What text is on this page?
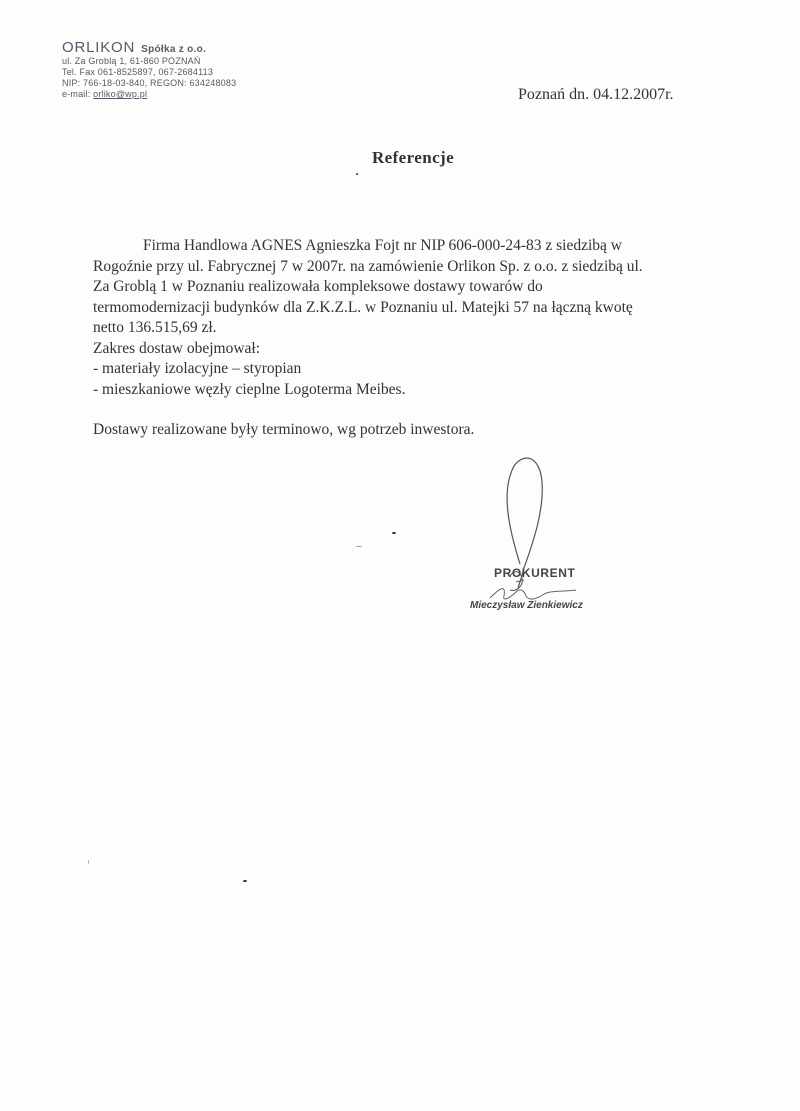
ORLIKON Spółka z o.o.
ul. Za Groblą 1, 61-860 POZNAŃ
Tel. Fax 061-8525897, 067-2684113
NIP: 766-18-03-840, REGON: 634248083
e-mail: orliko@wp.pl	Poznań dn. 04.12.2007r.
Referencje

Firma Handlowa AGNES Agnieszka Fojt nr NIP 606-000-24-83 z siedzibą w Rogoźnie przy ul. Fabrycznej 7 w 2007r. na zamówienie Orlikon Sp. z o.o. z siedzibą ul. Za Groblą 1 w Poznaniu realizowała kompleksowe dostawy towarów do termomodernizacji budynków dla Z.K.Z.L. w Poznaniu ul. Matejki 57 na łączną kwotę netto 136.515,69 zł.

Zakres dostaw obejmował:

- materiały izolacyjne – styropian

- mieszkaniowe węzły cieplne Logoterma Meibes.

Dostawy realizowane były terminowo, wg potrzeb inwestora.

PROKURENT
Mieczysław Zienkiewicz
